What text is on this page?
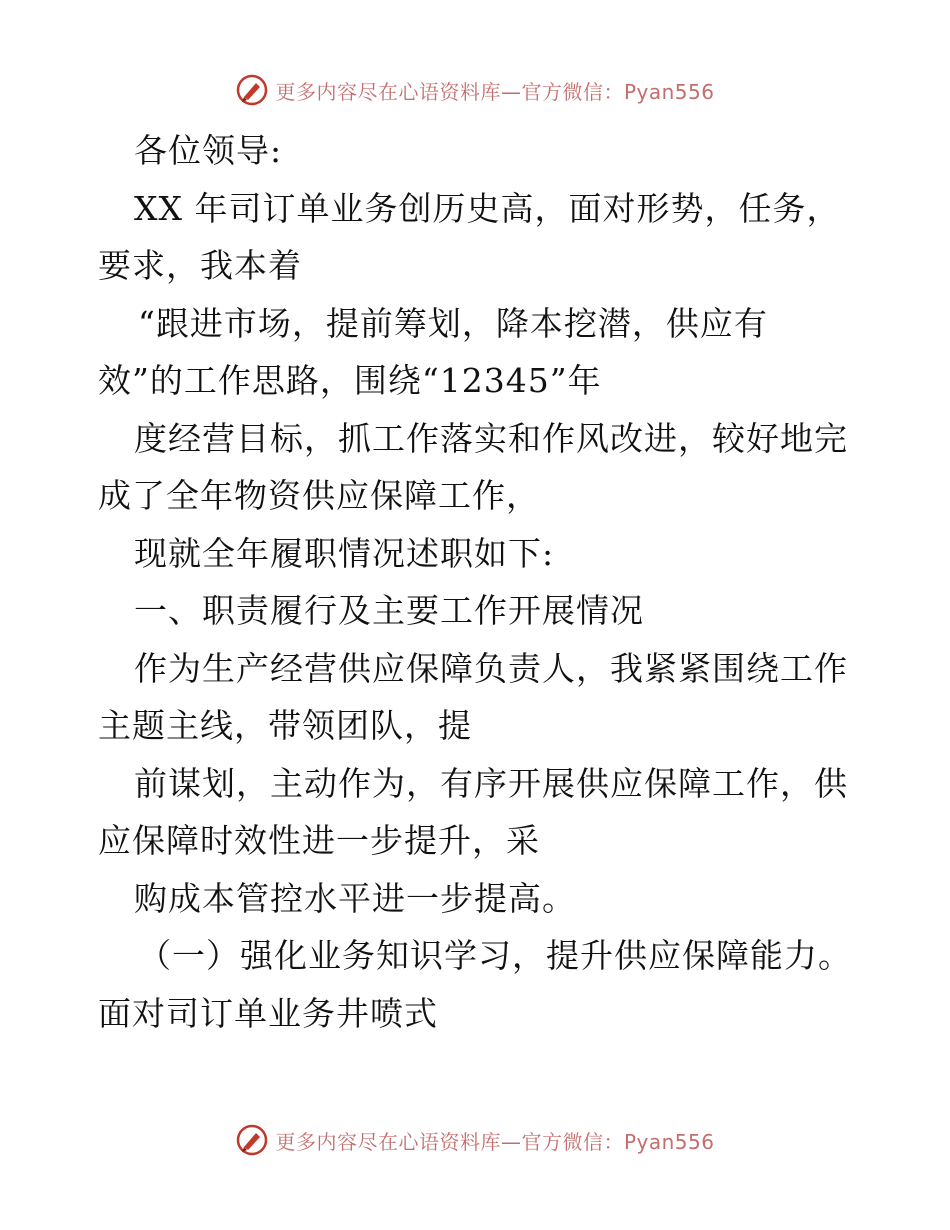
更多内容尽在心语资料库—官方微信：Pyan556
各位领导:
XX 年司订单业务创历史高，面对形势，任务，
要求，我本着
“跟进市场，提前筹划，降本挖潜，供应有
效”的工作思路，围绕“12345”年
度经营目标，抓工作落实和作风改进，较好地完
成了全年物资供应保障工作，
现就全年履职情况述职如下:
一、职责履行及主要工作开展情况
作为生产经营供应保障负责人，我紧紧围绕工作
主题主线，带领团队，提
前谋划，主动作为，有序开展供应保障工作，供
应保障时效性进一步提升，采
购成本管控水平进一步提高。
（一）强化业务知识学习，提升供应保障能力。
面对司订单业务井喷式
更多内容尽在心语资料库—官方微信：Pyan556
